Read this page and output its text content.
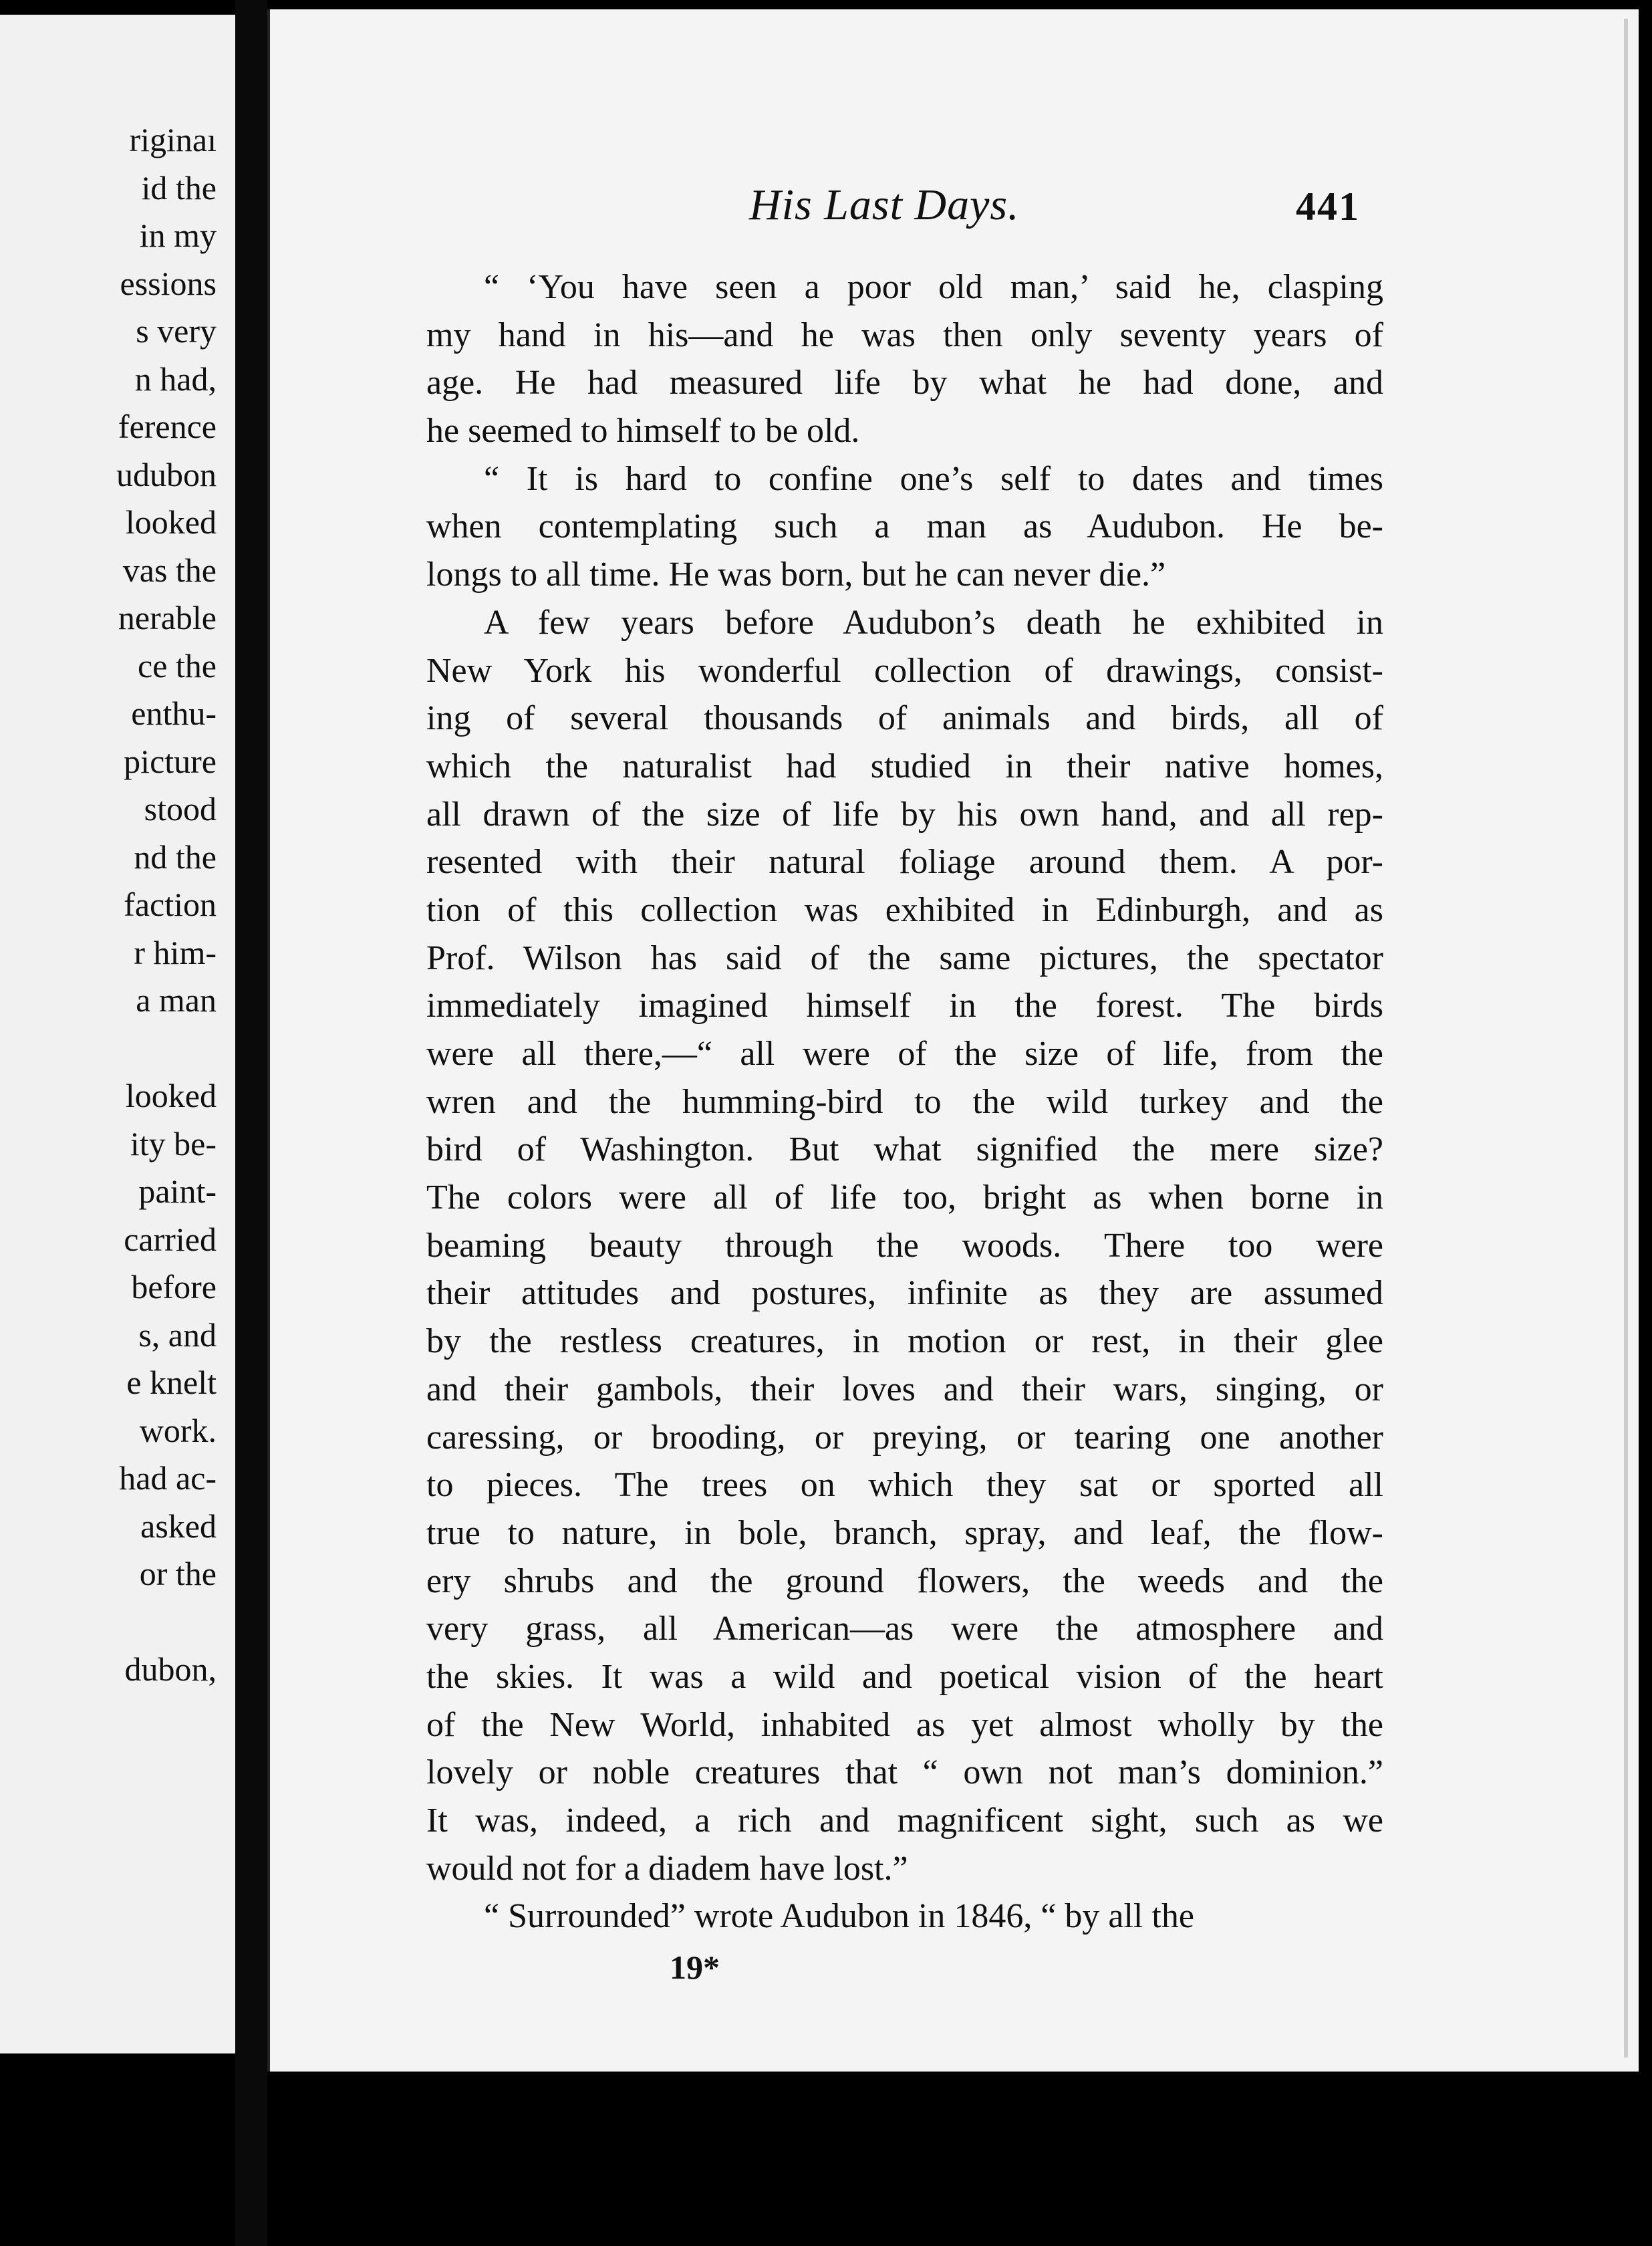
riginaı
id the
in my
essions
s very
n had,
ference
udubon
looked
vas the
nerable
ce the
enthu-
picture
stood
nd the
faction
r him-
a man
looked
ity be-
paint-
carried
before
s, and
e knelt
work.
had ac-
asked
or the
dubon,
His Last Days.	441
“ ‘You have seen a poor old man,’ said he, clasping
my hand in his—and he was then only seventy years of
age. He had measured life by what he had done, and
he seemed to himself to be old.
“ It is hard to confine one’s self to dates and times
when contemplating such a man as Audubon. He be-
longs to all time. He was born, but he can never die.”
A few years before Audubon’s death he exhibited in
New York his wonderful collection of drawings, consist-
ing of several thousands of animals and birds, all of
which the naturalist had studied in their native homes,
all drawn of the size of life by his own hand, and all rep-
resented with their natural foliage around them. A por-
tion of this collection was exhibited in Edinburgh, and as
Prof. Wilson has said of the same pictures, the spectator
immediately imagined himself in the forest. The birds
were all there,—“ all were of the size of life, from the
wren and the humming-bird to the wild turkey and the
bird of Washington. But what signified the mere size?
The colors were all of life too, bright as when borne in
beaming beauty through the woods. There too were
their attitudes and postures, infinite as they are assumed
by the restless creatures, in motion or rest, in their glee
and their gambols, their loves and their wars, singing, or
caressing, or brooding, or preying, or tearing one another
to pieces. The trees on which they sat or sported all
true to nature, in bole, branch, spray, and leaf, the flow-
ery shrubs and the ground flowers, the weeds and the
very grass, all American—as were the atmosphere and
the skies. It was a wild and poetical vision of the heart
of the New World, inhabited as yet almost wholly by the
lovely or noble creatures that “ own not man’s dominion.”
It was, indeed, a rich and magnificent sight, such as we
would not for a diadem have lost.”
“ Surrounded” wrote Audubon in 1846, “ by all the
19*
